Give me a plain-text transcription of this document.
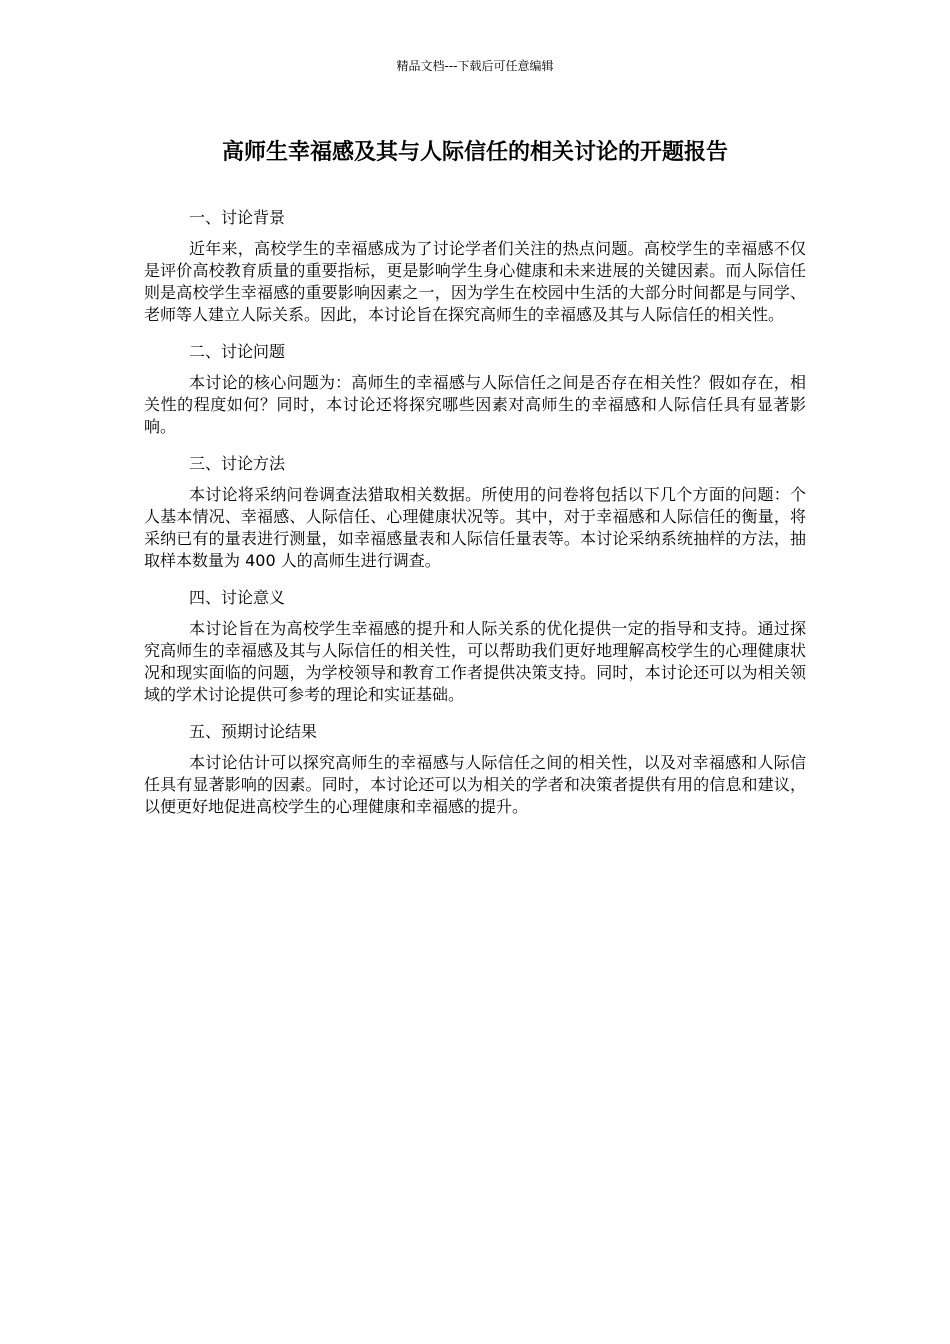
精品文档---下载后可任意编辑
高师生幸福感及其与人际信任的相关讨论的开题报告

一、讨论背景

近年来，高校学生的幸福感成为了讨论学者们关注的热点问题。高校学生的幸福感不仅是评价高校教育质量的重要指标，更是影响学生身心健康和未来进展的关键因素。而人际信任则是高校学生幸福感的重要影响因素之一，因为学生在校园中生活的大部分时间都是与同学、老师等人建立人际关系。因此，本讨论旨在探究高师生的幸福感及其与人际信任的相关性。

二、讨论问题

本讨论的核心问题为：高师生的幸福感与人际信任之间是否存在相关性？假如存在，相关性的程度如何？同时，本讨论还将探究哪些因素对高师生的幸福感和人际信任具有显著影响。

三、讨论方法

本讨论将采纳问卷调查法猎取相关数据。所使用的问卷将包括以下几个方面的问题：个人基本情况、幸福感、人际信任、心理健康状况等。其中，对于幸福感和人际信任的衡量，将采纳已有的量表进行测量，如幸福感量表和人际信任量表等。本讨论采纳系统抽样的方法，抽取样本数量为 400 人的高师生进行调查。

四、讨论意义

本讨论旨在为高校学生幸福感的提升和人际关系的优化提供一定的指导和支持。通过探究高师生的幸福感及其与人际信任的相关性，可以帮助我们更好地理解高校学生的心理健康状况和现实面临的问题，为学校领导和教育工作者提供决策支持。同时，本讨论还可以为相关领域的学术讨论提供可参考的理论和实证基础。

五、预期讨论结果

本讨论估计可以探究高师生的幸福感与人际信任之间的相关性，以及对幸福感和人际信任具有显著影响的因素。同时，本讨论还可以为相关的学者和决策者提供有用的信息和建议，以便更好地促进高校学生的心理健康和幸福感的提升。
